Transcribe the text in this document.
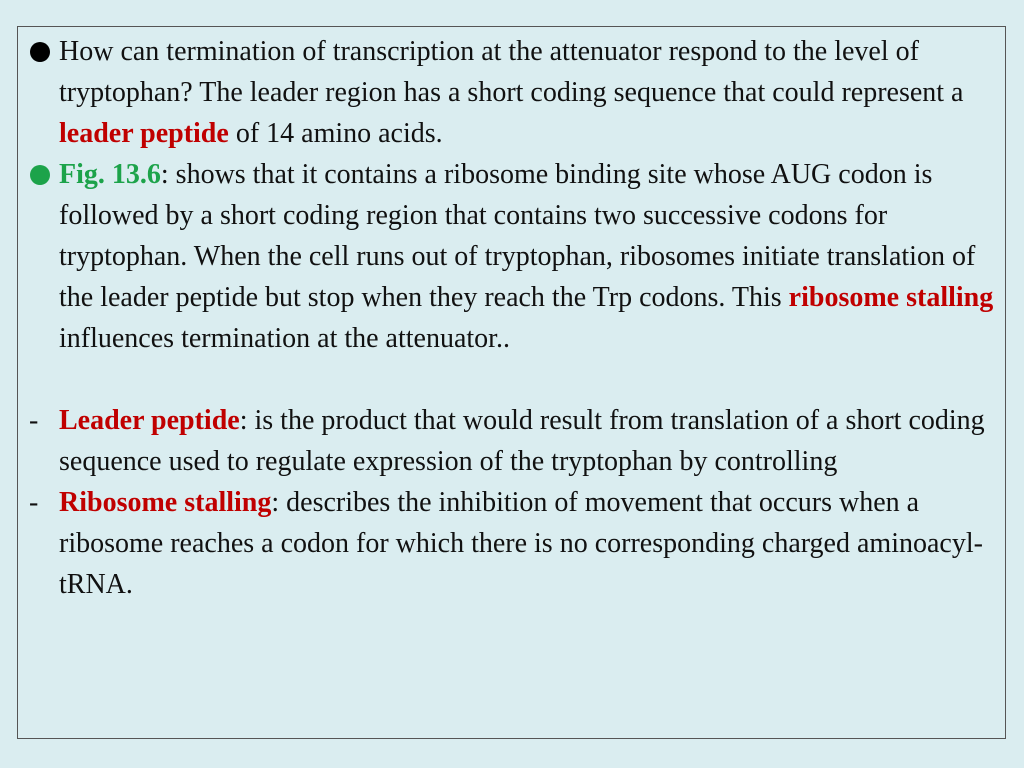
How can termination of transcription at the attenuator respond to the level of tryptophan? The leader region has a short coding sequence that could represent a leader peptide of 14 amino acids.
Fig. 13.6: shows that it contains a ribosome binding site whose AUG codon is followed by a short coding region that contains two successive codons for tryptophan. When the cell runs out of tryptophan, ribosomes initiate translation of the leader peptide but stop when they reach the Trp codons. This ribosome stalling influences termination at the attenuator..
- Leader peptide: is the product that would result from translation of a short coding sequence used to regulate expression of the tryptophan by controlling
- Ribosome stalling: describes the inhibition of movement that occurs when a ribosome reaches a codon for which there is no corresponding charged aminoacyl-tRNA.
